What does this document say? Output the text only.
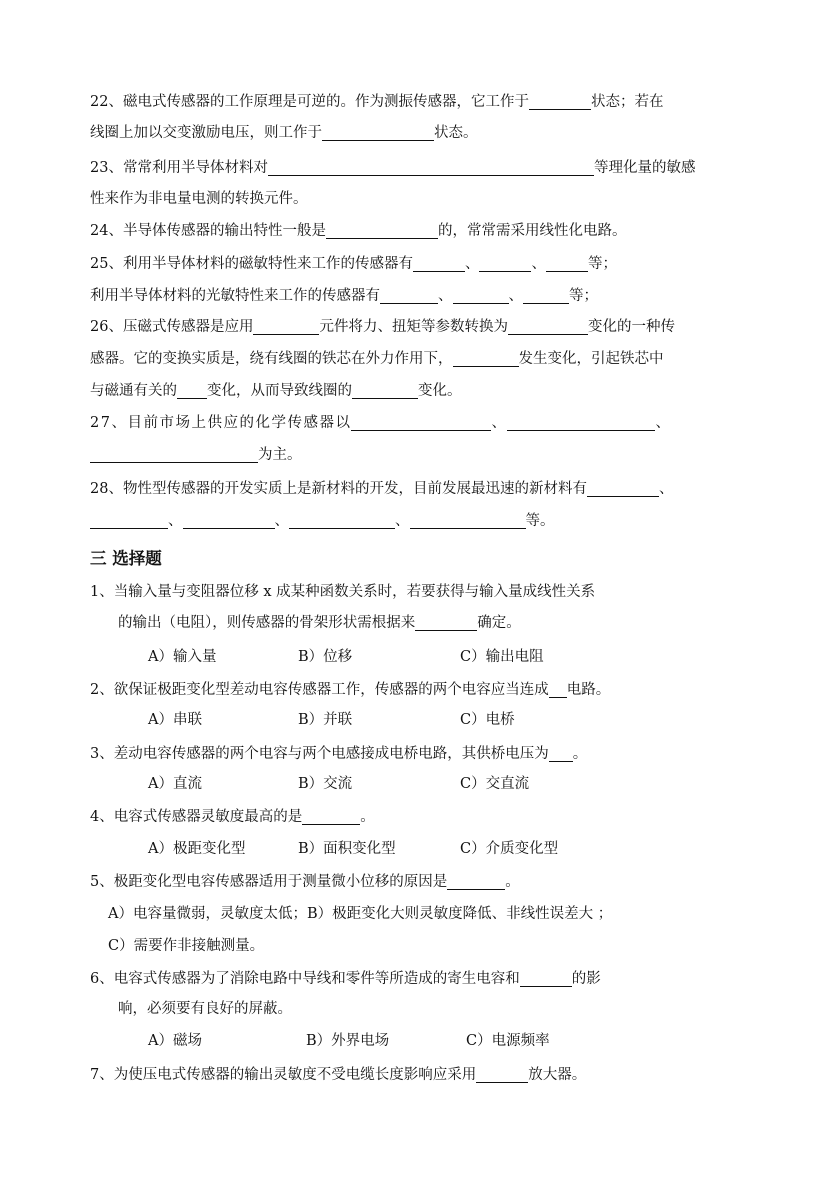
22、磁电式传感器的工作原理是可逆的。作为测振传感器，它工作于	状态；若在
线圈上加以交变激励电压，则工作于	状态。
23、常常利用半导体材料对	等理化量的敏感
性来作为非电量电测的转换元件。
24、半导体传感器的输出特性一般是	的，常常需采用线性化电路。
25、利用半导体材料的磁敏特性来工作的传感器有	、	、	等；
利用半导体材料的光敏特性来工作的传感器有	、	、	等；
26、压磁式传感器是应用	元件将力、扭矩等参数转换为	变化的一种传
感器。它的变换实质是，绕有线圈的铁芯在外力作用下，	发生变化，引起铁芯中
与磁通有关的 变化，从而导致线圈的	变化。
27、目前市场上供应的化学传感器以	、	、
为主。
28、物性型传感器的开发实质上是新材料的开发，目前发展最迅速的新材料有	、
、	、	、	等。
三 选择题
1、当输入量与变阻器位移 x 成某种函数关系时，若要获得与输入量成线性关系
的输出（电阻），则传感器的骨架形状需根据来	确定。
A）输入量	B）位移	C）输出电阻
2、欲保证极距变化型差动电容传感器工作，传感器的两个电容应当连成 电路。
A）串联	B）并联	C）电桥
3、差动电容传感器的两个电容与两个电感接成电桥电路，其供桥电压为 。
A）直流	B）交流	C）交直流
4、电容式传感器灵敏度最高的是	。
A）极距变化型	B）面积变化型	C）介质变化型
5、极距变化型电容传感器适用于测量微小位移的原因是	。
A）电容量微弱，灵敏度太低；B）极距变化大则灵敏度降低、非线性误差大 ；
C）需要作非接触测量。
6、电容式传感器为了消除电路中导线和零件等所造成的寄生电容和	的影
响，必须要有良好的屏蔽。
A）磁场	B）外界电场	C）电源频率
7、为使压电式传感器的输出灵敏度不受电缆长度影响应采用	放大器。
